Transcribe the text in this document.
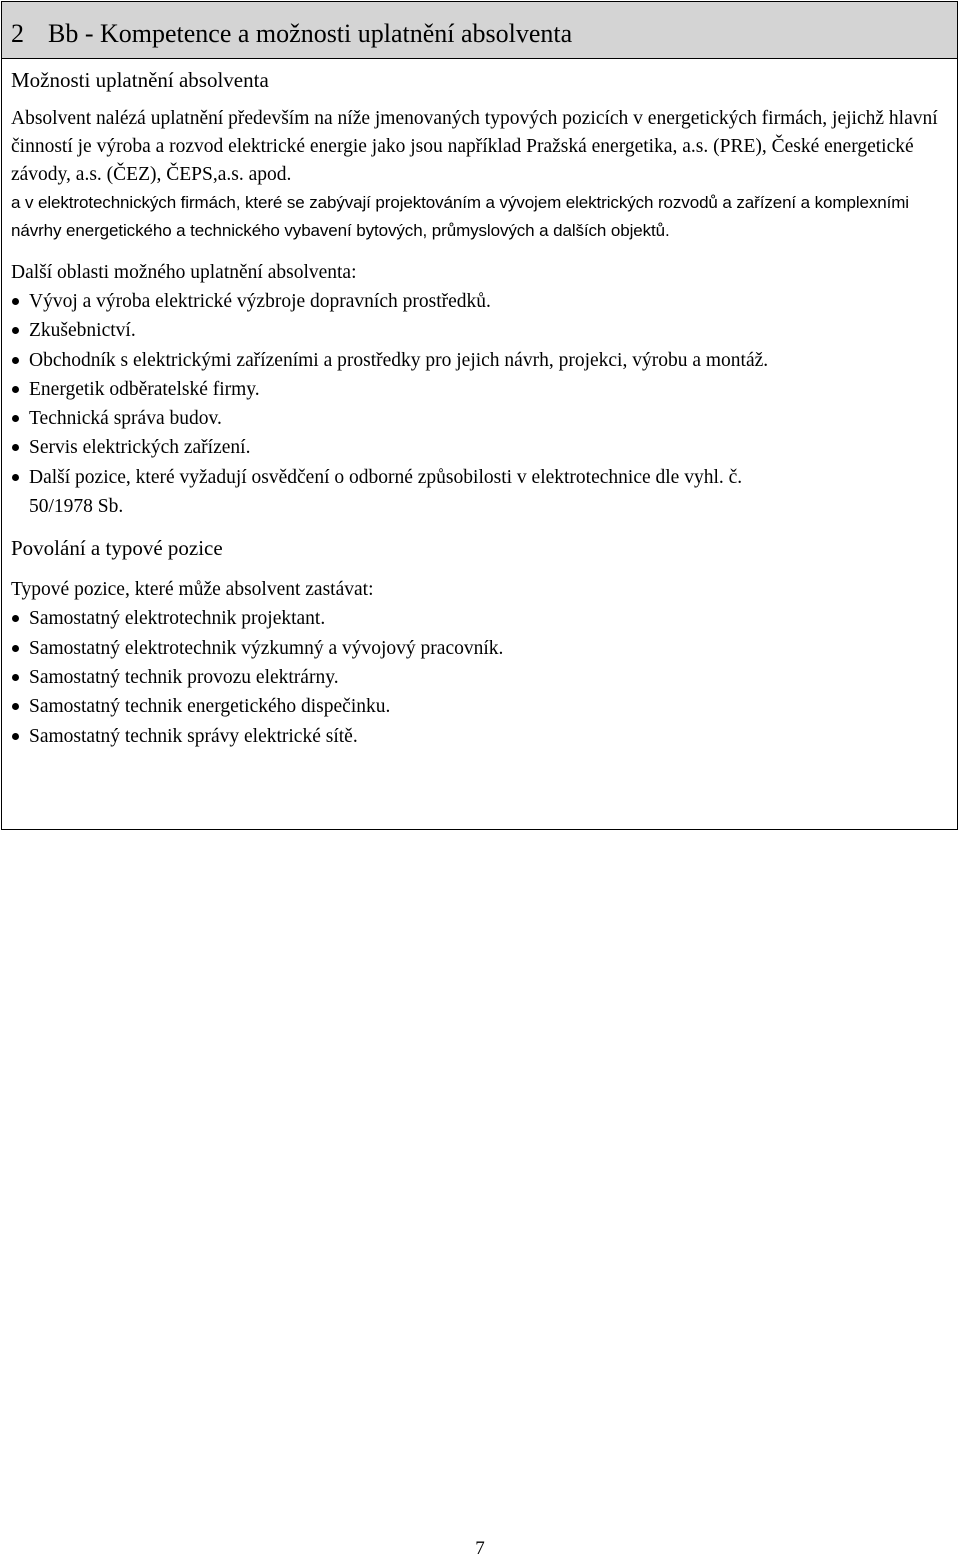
2 Bb - Kompetence a možnosti uplatnění absolventa
Možnosti uplatnění absolventa

Absolvent nalézá uplatnění především na níže jmenovaných typových pozicích v energetických firmách, jejichž hlavní činností je výroba a rozvod elektrické energie jako jsou například Pražská energetika, a.s. (PRE), České energetické závody, a.s. (ČEZ), ČEPS,a.s. apod.

a v elektrotechnických firmách, které se zabývají projektováním a vývojem elektrických rozvodů a zařízení a komplexními návrhy energetického a technického vybavení bytových, průmyslových a dalších objektů.

Další oblasti možného uplatnění absolventa:

Vývoj a výroba elektrické výzbroje dopravních prostředků.
Zkušebnictví.
Obchodník s elektrickými zařízeními a prostředky pro jejich návrh, projekci, výrobu a montáž.
Energetik odběratelské firmy.
Technická správa budov.
Servis elektrických zařízení.
Další pozice, které vyžadují osvědčení o odborné způsobilosti v elektrotechnice dle vyhl. č. 50/1978 Sb.
Povolání a typové pozice

Typové pozice, které může absolvent zastávat:

Samostatný elektrotechnik projektant.
Samostatný elektrotechnik výzkumný a vývojový pracovník.
Samostatný technik provozu elektrárny.
Samostatný technik energetického dispečinku.
Samostatný technik správy elektrické sítě.
7
